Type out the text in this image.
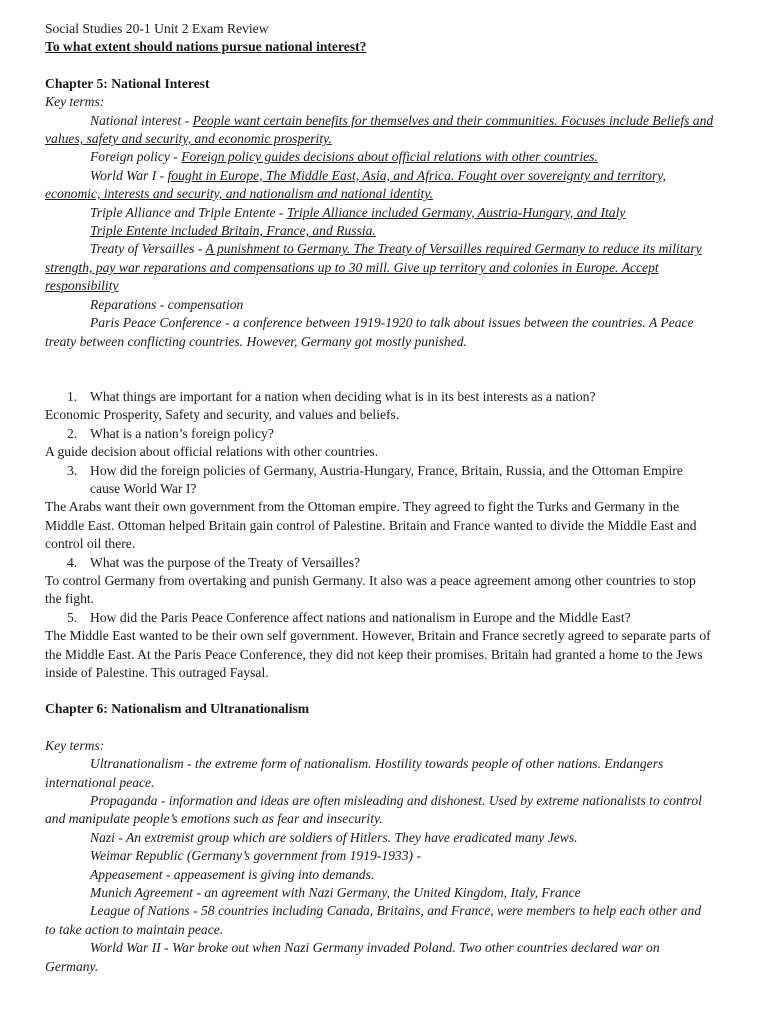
Social Studies 20-1 Unit 2 Exam Review

To what extent should nations pursue national interest?

Chapter 5: National Interest

Key terms:

National interest - People want certain benefits for themselves and their communities. Focuses include Beliefs and values, safety and security, and economic prosperity.

Foreign policy - Foreign policy guides decisions about official relations with other countries.

World War I - fought in Europe, The Middle East, Asia, and Africa. Fought over sovereignty and territory, economic, interests and security, and nationalism and national identity.

Triple Alliance and Triple Entente - Triple Alliance included Germany, Austria-Hungary, and Italy

Triple Entente included Britain, France, and Russia.

Treaty of Versailles - A punishment to Germany. The Treaty of Versailles required Germany to reduce its military strength, pay war reparations and compensations up to 30 mill. Give up territory and colonies in Europe. Accept responsibility

Reparations - compensation

Paris Peace Conference - a conference between 1919-1920 to talk about issues between the countries. A Peace treaty between conflicting countries. However, Germany got mostly punished.

1. What things are important for a nation when deciding what is in its best interests as a nation?

Economic Prosperity, Safety and security, and values and beliefs.

2. What is a nation’s foreign policy?

A guide decision about official relations with other countries.

3. How did the foreign policies of Germany, Austria-Hungary, France, Britain, Russia, and the Ottoman Empire cause World War I?

The Arabs want their own government from the Ottoman empire. They agreed to fight the Turks and Germany in the Middle East. Ottoman helped Britain gain control of Palestine. Britain and France wanted to divide the Middle East and control oil there.

4. What was the purpose of the Treaty of Versailles?

To control Germany from overtaking and punish Germany. It also was a peace agreement among other countries to stop the fight.

5. How did the Paris Peace Conference affect nations and nationalism in Europe and the Middle East?

The Middle East wanted to be their own self government. However, Britain and France secretly agreed to separate parts of the Middle East. At the Paris Peace Conference, they did not keep their promises. Britain had granted a home to the Jews inside of Palestine. This outraged Faysal.

Chapter 6: Nationalism and Ultranationalism

Key terms:

Ultranationalism - the extreme form of nationalism. Hostility towards people of other nations. Endangers international peace.

Propaganda - information and ideas are often misleading and dishonest. Used by extreme nationalists to control and manipulate people’s emotions such as fear and insecurity.

Nazi - An extremist group which are soldiers of Hitlers. They have eradicated many Jews.

Weimar Republic (Germany’s government from 1919-1933) -

Appeasement - appeasement is giving into demands.

Munich Agreement - an agreement with Nazi Germany, the United Kingdom, Italy, France

League of Nations - 58 countries including Canada, Britains, and France, were members to help each other and to take action to maintain peace.

World War II - War broke out when Nazi Germany invaded Poland. Two other countries declared war on Germany.
